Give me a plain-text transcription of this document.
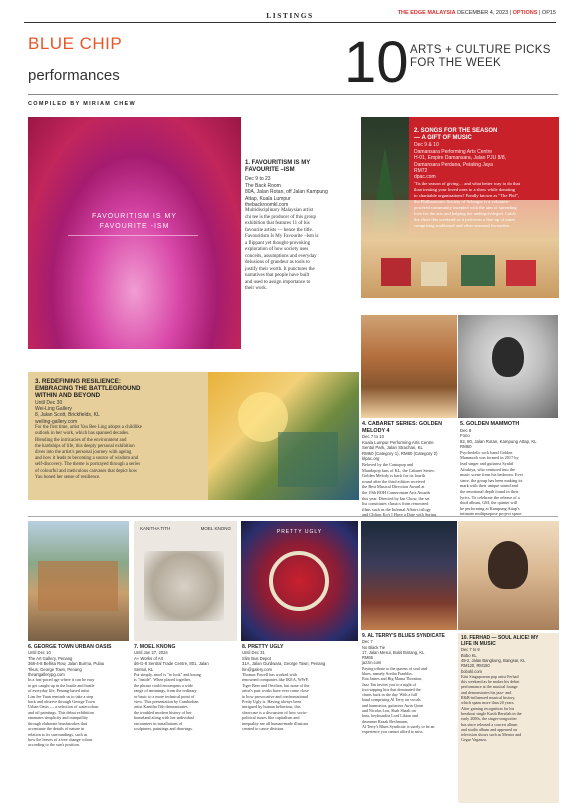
LISTINGS	THE EDGE MALAYSIA DECEMBER 4, 2023 | OPTIONS | OP15
BLUE CHIP
performances	10 ARTS + CULTURE PICKS
FOR THE WEEK
COMPILED BY MIRIAM CHEW
FAVOURITISM IS MY
FAVOURITE -ISM
1. FAVOURITISM IS MY
FAVOURITE –ISM
Dec 9 to 23
The Back Room
80A, Jalan Rotan, off Jalan Kampung
Attap, Kuala Lumpur
thebackroomkl.com
Multidisciplinary Malaysian artist
chi tee is the producer of this group
exhibition that features 11 of his
favourite artists — hence the title.
Favouritism Is My Favourite –Ism is
a flippant yet thought-provoking
exploration of how society uses
conceits, assumptions and everyday
delusions of grandeur as tools to
justify their worth. It punctures the
narratives that people have built
and used to assign importance to
their work.
2. SONGS FOR THE SEASON
— A GIFT OF MUSIC
Dec 9 & 10
Damansara Performing Arts Centre
H-01, Empire Damansara, Jalan PJU 8/8,
Damansara Perdana, Petaling Jaya
RM72
dpac.com
'Tis the season of giving… and what better way to do that
than treating your loved ones to a show while donating
to charitable organisations? Fondly known as "The Phil",
the Philharmonic Society of Selangor is a volunteer-
powered community incepted with the aim of spreading
love for the arts and helping the underprivileged. Catch
the choir this weekend as it performs a line-up of tunes
comprising traditional and other seasonal favourites.
3. REDEFINING RESILIENCE:
EMBRACING THE BATTLEGROUND
WITHIN AND BEYOND
Until Dec 30
Wei-Ling Gallery
8, Jalan Scott, Brickfields, KL
weiling-gallery.com
For the first time, artist Yau Bee Ling adopts a childlike
outlook in her work, which has spanned decades.
Blending the intricacies of the environment and
the hardships of life, this deeply personal exhibition
dives into the artist's personal journey with ageing
and how it leads to becoming a source of wisdom and
self-discovery. The theme is portrayed through a series
of colourful and meticulous canvases that depict how
Yau honed her sense of resilience.
4. CABARET SERIES: GOLDEN
MELODY 4
Dec 7 to 10
Kuala Lumpur Performing Arts Centre
Sentul Park, Jalan Strachan, KL
RM60 (Category 1), RM80 (Category 2)
klpac.org
Beloved by the Cantopop and
Mandopop fans of KL, the Cabaret Series:
Golden Melody is back for its fourth
round after the third edition received
the Best Musical Direction Award at
the 19th BOH Cameronian Arts Awards
this year. Directed by Ian Chow, the set
list constitutes classics from renowned
films such as the Infernal Affairs trilogy
and Clifton Ko's I Have a Date with Spring.
5. GOLDEN MAMMOTH
Dec 8
Fono
82, 80, Jalan Rotan, Kampung Attap, KL
RM60
Psychedelic rock band Golden
Mammoth was formed in 2017 by
lead singer and guitarist Syahil
Afrakiya, who ventured into the
music scene from his bedroom. Ever
since, the group has been making its
mark with their unique sound and
the emotional depth found in their
lyrics. To celebrate the release of a
third album, GM, the quintet will
be performing at Kampung Attap's
intimate multipurpose project space.
6. GEORGE TOWN URBAN OASIS
Until Dec 10
The Art Gallery, Penang
368-4-8 Bellisa Row, Jalan Burma, Pulau
Tikus, George Town, Penang
theartgallerypg.com
In a fast-paced age where it can be easy
to get caught up in the hustle and bustle
of everyday life, Penang-based artist
Lim Jee Yuan reminds us to take a step
back and observe through George Town
Urban Oasis — a selection of watercolour
and oil paintings. This debut exhibition
emanates simplicity and tranquillity
through elaborate brushstrokes that
accentuate the details of nature in
relation to its surroundings, such as
how the leaves of a tree change colour
according to the sun's position.
KANITHA TITH	MOEL KNONG
7. MOEL KNONG
Until Jan 27, 2024
A+ Works of Art
d6-G-8 Sentral Trade Centre, 801, Jalan
Sentul, KL
Put simply, moel is "to look" and knong
is "inside". When placed together,
the phrase could encompass a wide
range of meanings, from the ordinary
or basic to a more technical point of
view. This presentation by Cambodian
artist Kanitha Tith demonstrates
the troubled modern history of her
homeland along with her individual
encounters in installations of
sculptures, paintings and drawings.
PRETTY UGLY
8. PRETTY UGLY
Until Dec 31
Slim Bus Depot
31A, Jalan Gurdwara, George Town, Penang
hin@galery.com
Thomas Powell has worked with
renowned companies like IKEA, WWF,
Tiger Beer and Ortelion, but none of the
artist's past works have ever come close
to how provocative and confrontational
Pretty Ugly is. Having always been
intrigued by human behaviour, this
showcase is a discussion of how socio-
political issues like capitalism and
inequality are all human-made illusions
created to cause division.
9. AL TERRY'S BLUES SYNDICATE
Dec 7
No Black Tie
17, Jalan Mesui, Bukit Bintang, KL
RM65
jazzin.com
Paying tribute to the queens of soul and
blues, namely Aretha Franklin,
Etta James and Big Mama Thornton,
Jazz Tan invites you to a night of
foot-tapping hits that dominated the
charts back in the day. With a full
band comprising Al Terry on vocals
and harmonica, guitarists Awin Qorni
and Nicolas Lou, Shah Shazli on
bass, keyboardist Lord Liktan and
drummer Razak Bechmann,
Al Terry's Blues Syndicate is surely to be an
experience you cannot afford to miss.
10. FERHAD — SOUL ALICE! MY
LIFE IN MUSIC
Dec 7 to 9
Bobo KL
49-2, Jalan Bangkung, Bangsar, KL
RM120, RM150
bobokl.com
Kini Singaporean pop artist Ferhad
this weekend as he makes his debut
performance at the musical lounge
and demonstrates his jazz- and
R&B-influenced musical history,
which spans more than 20 years.
After gaining recognition for his
breakout single Kasih Bersilah in the
early 2000s, the singer-songwriter
has since released a concert album
and studio album and appeared on
television shows such as Mentor and
Gegar Vaganza.
